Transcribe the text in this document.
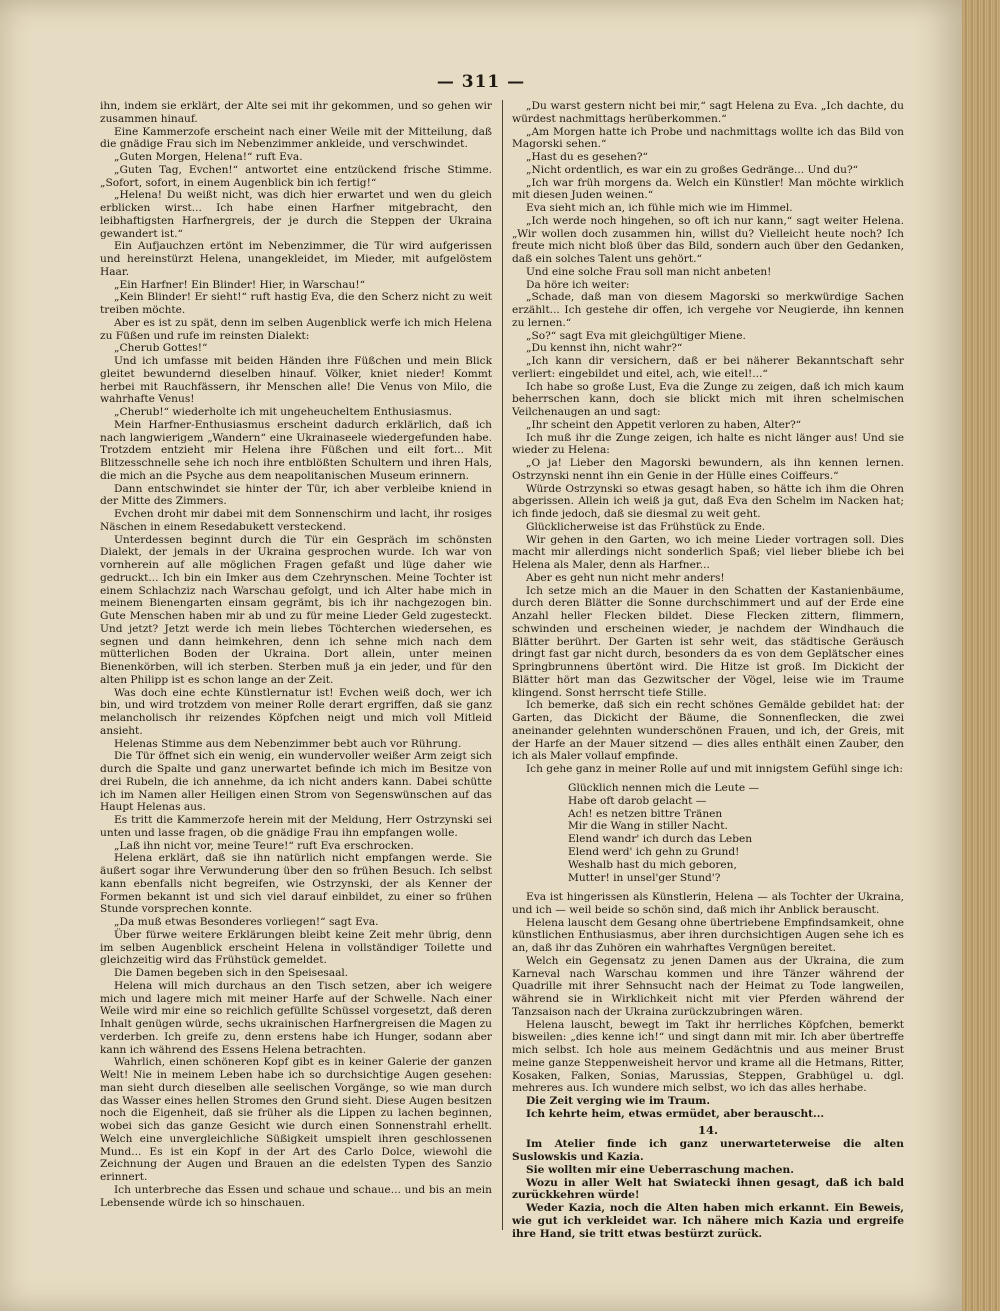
— 311 —

ihn, indem sie erklärt, der Alte sei mit ihr gekommen, und so gehen wir zusammen hinauf.

Eine Kammerzofe erscheint nach einer Weile mit der Mitteilung, daß die gnädige Frau sich im Nebenzimmer ankleide, und verschwindet.

„Guten Morgen, Helena!“ ruft Eva.

„Guten Tag, Evchen!“ antwortet eine entzückend frische Stimme. „Sofort, sofort, in einem Augenblick bin ich fertig!“

„Helena! Du weißt nicht, was dich hier erwartet und wen du gleich erblicken wirst... Ich habe einen Harfner mitgebracht, den leibhaftigsten Harfnergreis, der je durch die Steppen der Ukraina gewandert ist.“

Ein Aufjauchzen ertönt im Nebenzimmer, die Tür wird aufgerissen und hereinstürzt Helena, unangekleidet, im Mieder, mit aufgelöstem Haar.

„Ein Harfner! Ein Blinder! Hier, in Warschau!“

„Kein Blinder! Er sieht!“ ruft hastig Eva, die den Scherz nicht zu weit treiben möchte.

Aber es ist zu spät, denn im selben Augenblick werfe ich mich Helena zu Füßen und rufe im reinsten Dialekt:

„Cherub Gottes!“

Und ich umfasse mit beiden Händen ihre Füßchen und mein Blick gleitet bewundernd dieselben hinauf. Völker, kniet nieder! Kommt herbei mit Rauchfässern, ihr Menschen alle! Die Venus von Milo, die wahrhafte Venus!

„Cherub!“ wiederholte ich mit ungeheucheltem Enthusiasmus.

Mein Harfner-Enthusiasmus erscheint dadurch erklärlich, daß ich nach langwierigem „Wandern“ eine Ukrainaseele wiedergefunden habe. Trotzdem entzieht mir Helena ihre Füßchen und eilt fort... Mit Blitzesschnelle sehe ich noch ihre entblößten Schultern und ihren Hals, die mich an die Psyche aus dem neapolitanischen Museum erinnern.

Dann entschwindet sie hinter der Tür, ich aber verbleibe kniend in der Mitte des Zimmers.

Evchen droht mir dabei mit dem Sonnenschirm und lacht, ihr rosiges Näschen in einem Resedabukett versteckend.

Unterdessen beginnt durch die Tür ein Gespräch im schönsten Dialekt, der jemals in der Ukraina gesprochen wurde. Ich war von vornherein auf alle möglichen Fragen gefaßt und lüge daher wie gedruckt... Ich bin ein Imker aus dem Czehrynschen. Meine Tochter ist einem Schlachziz nach Warschau gefolgt, und ich Alter habe mich in meinem Bienengarten einsam gegrämt, bis ich ihr nachgezogen bin. Gute Menschen haben mir ab und zu für meine Lieder Geld zugesteckt. Und jetzt? Jetzt werde ich mein liebes Töchterchen wiedersehen, es segnen und dann heimkehren, denn ich sehne mich nach dem mütterlichen Boden der Ukraina. Dort allein, unter meinen Bienenkörben, will ich sterben. Sterben muß ja ein jeder, und für den alten Philipp ist es schon lange an der Zeit.

Was doch eine echte Künstlernatur ist! Evchen weiß doch, wer ich bin, und wird trotzdem von meiner Rolle derart ergriffen, daß sie ganz melancholisch ihr reizendes Köpfchen neigt und mich voll Mitleid ansieht.

Helenas Stimme aus dem Nebenzimmer bebt auch vor Rührung.

Die Tür öffnet sich ein wenig, ein wundervoller weißer Arm zeigt sich durch die Spalte und ganz unerwartet befinde ich mich im Besitze von drei Rubeln, die ich annehme, da ich nicht anders kann. Dabei schütte ich im Namen aller Heiligen einen Strom von Segenswünschen auf das Haupt Helenas aus.

Es tritt die Kammerzofe herein mit der Meldung, Herr Ostrzynski sei unten und lasse fragen, ob die gnädige Frau ihn empfangen wolle.

„Laß ihn nicht vor, meine Teure!“ ruft Eva erschrocken.

Helena erklärt, daß sie ihn natürlich nicht empfangen werde. Sie äußert sogar ihre Verwunderung über den so frühen Besuch. Ich selbst kann ebenfalls nicht begreifen, wie Ostrzynski, der als Kenner der Formen bekannt ist und sich viel darauf einbildet, zu einer so frühen Stunde vorsprechen konnte.

„Da muß etwas Besonderes vorliegen!“ sagt Eva.

Über fürwe weitere Erklärungen bleibt keine Zeit mehr übrig, denn im selben Augenblick erscheint Helena in vollständiger Toilette und gleichzeitig wird das Frühstück gemeldet.

Die Damen begeben sich in den Speisesaal.

Helena will mich durchaus an den Tisch setzen, aber ich weigere mich und lagere mich mit meiner Harfe auf der Schwelle. Nach einer Weile wird mir eine so reichlich gefüllte Schüssel vorgesetzt, daß deren Inhalt genügen würde, sechs ukrainischen Harfnergreisen die Magen zu verderben. Ich greife zu, denn erstens habe ich Hunger, sodann aber kann ich während des Essens Helena betrachten.

Wahrlich, einen schöneren Kopf gibt es in keiner Galerie der ganzen Welt! Nie in meinem Leben habe ich so durchsichtige Augen gesehen: man sieht durch dieselben alle seelischen Vorgänge, so wie man durch das Wasser eines hellen Stromes den Grund sieht. Diese Augen besitzen noch die Eigenheit, daß sie früher als die Lippen zu lachen beginnen, wobei sich das ganze Gesicht wie durch einen Sonnenstrahl erhellt. Welch eine unvergleichliche Süßigkeit umspielt ihren geschlossenen Mund... Es ist ein Kopf in der Art des Carlo Dolce, wiewohl die Zeichnung der Augen und Brauen an die edelsten Typen des Sanzio erinnert.

Ich unterbreche das Essen und schaue und schaue... und bis an mein Lebensende würde ich so hinschauen.

„Du warst gestern nicht bei mir,“ sagt Helena zu Eva. „Ich dachte, du würdest nachmittags herüberkommen.“

„Am Morgen hatte ich Probe und nachmittags wollte ich das Bild von Magorski sehen.“

„Hast du es gesehen?“

„Nicht ordentlich, es war ein zu großes Gedränge... Und du?“

„Ich war früh morgens da. Welch ein Künstler! Man möchte wirklich mit diesen Juden weinen.“

Eva sieht mich an, ich fühle mich wie im Himmel.

„Ich werde noch hingehen, so oft ich nur kann,“ sagt weiter Helena. „Wir wollen doch zusammen hin, willst du? Vielleicht heute noch? Ich freute mich nicht bloß über das Bild, sondern auch über den Gedanken, daß ein solches Talent uns gehört.“

Und eine solche Frau soll man nicht anbeten!

Da höre ich weiter:

„Schade, daß man von diesem Magorski so merkwürdige Sachen erzählt... Ich gestehe dir offen, ich vergehe vor Neugierde, ihn kennen zu lernen.“

„So?“ sagt Eva mit gleichgültiger Miene.

„Du kennst ihn, nicht wahr?“

„Ich kann dir versichern, daß er bei näherer Bekanntschaft sehr verliert: eingebildet und eitel, ach, wie eitel!...“

Ich habe so große Lust, Eva die Zunge zu zeigen, daß ich mich kaum beherrschen kann, doch sie blickt mich mit ihren schelmischen Veilchenaugen an und sagt:

„Ihr scheint den Appetit verloren zu haben, Alter?“

Ich muß ihr die Zunge zeigen, ich halte es nicht länger aus! Und sie wieder zu Helena:

„O ja! Lieber den Magorski bewundern, als ihn kennen lernen. Ostrzynski nennt ihn ein Genie in der Hülle eines Coiffeurs.“

Würde Ostrzynski so etwas gesagt haben, so hätte ich ihm die Ohren abgerissen. Allein ich weiß ja gut, daß Eva den Schelm im Nacken hat; ich finde jedoch, daß sie diesmal zu weit geht.

Glücklicherweise ist das Frühstück zu Ende.

Wir gehen in den Garten, wo ich meine Lieder vortragen soll. Dies macht mir allerdings nicht sonderlich Spaß; viel lieber bliebe ich bei Helena als Maler, denn als Harfner...

Aber es geht nun nicht mehr anders!

Ich setze mich an die Mauer in den Schatten der Kastanienbäume, durch deren Blätter die Sonne durchschimmert und auf der Erde eine Anzahl heller Flecken bildet. Diese Flecken zittern, flimmern, schwinden und erscheinen wieder, je nachdem der Windhauch die Blätter berührt. Der Garten ist sehr weit, das städtische Geräusch dringt fast gar nicht durch, besonders da es von dem Geplätscher eines Springbrunnens übertönt wird. Die Hitze ist groß. Im Dickicht der Blätter hört man das Gezwitscher der Vögel, leise wie im Traume klingend. Sonst herrscht tiefe Stille.

Ich bemerke, daß sich ein recht schönes Gemälde gebildet hat: der Garten, das Dickicht der Bäume, die Sonnenflecken, die zwei aneinander gelehnten wunderschönen Frauen, und ich, der Greis, mit der Harfe an der Mauer sitzend — dies alles enthält einen Zauber, den ich als Maler vollauf empfinde.

Ich gehe ganz in meiner Rolle auf und mit innigstem Gefühl singe ich:

Glücklich nennen mich die Leute —
Habe oft darob gelacht —
Ach! es netzen bittre Tränen
Mir die Wang in stiller Nacht.
Elend wandr' ich durch das Leben
Elend werd' ich gehn zu Grund!
Weshalb hast du mich geboren,
Mutter! in unsel'ger Stund'?

Eva ist hingerissen als Künstlerin, Helena — als Tochter der Ukraina, und ich — weil beide so schön sind, daß mich ihr Anblick berauscht.

Helena lauscht dem Gesang ohne übertriebene Empfindsamkeit, ohne künstlichen Enthusiasmus, aber ihren durchsichtigen Augen sehe ich es an, daß ihr das Zuhören ein wahrhaftes Vergnügen bereitet.

Welch ein Gegensatz zu jenen Damen aus der Ukraina, die zum Karneval nach Warschau kommen und ihre Tänzer während der Quadrille mit ihrer Sehnsucht nach der Heimat zu Tode langweilen, während sie in Wirklichkeit nicht mit vier Pferden während der Tanzsaison nach der Ukraina zurückzubringen wären.

Helena lauscht, bewegt im Takt ihr herrliches Köpfchen, bemerkt bisweilen: „dies kenne ich!“ und singt dann mit mir. Ich aber übertreffe mich selbst. Ich hole aus meinem Gedächtnis und aus meiner Brust meine ganze Steppenweisheit hervor und krame all die Hetmans, Ritter, Kosaken, Falken, Sonias, Marussias, Steppen, Grabhügel u. dgl. mehreres aus. Ich wundere mich selbst, wo ich das alles herhabe.

Die Zeit verging wie im Traum.

Ich kehrte heim, etwas ermüdet, aber berauscht...

14.

Im Atelier finde ich ganz unerwarteterweise die alten Suslowskis und Kazia.

Sie wollten mir eine Ueberraschung machen.

Wozu in aller Welt hat Swiatecki ihnen gesagt, daß ich bald zurückkehren würde!

Weder Kazia, noch die Alten haben mich erkannt. Ein Beweis, wie gut ich verkleidet war. Ich nähere mich Kazia und ergreife ihre Hand, sie tritt etwas bestürzt zurück.
